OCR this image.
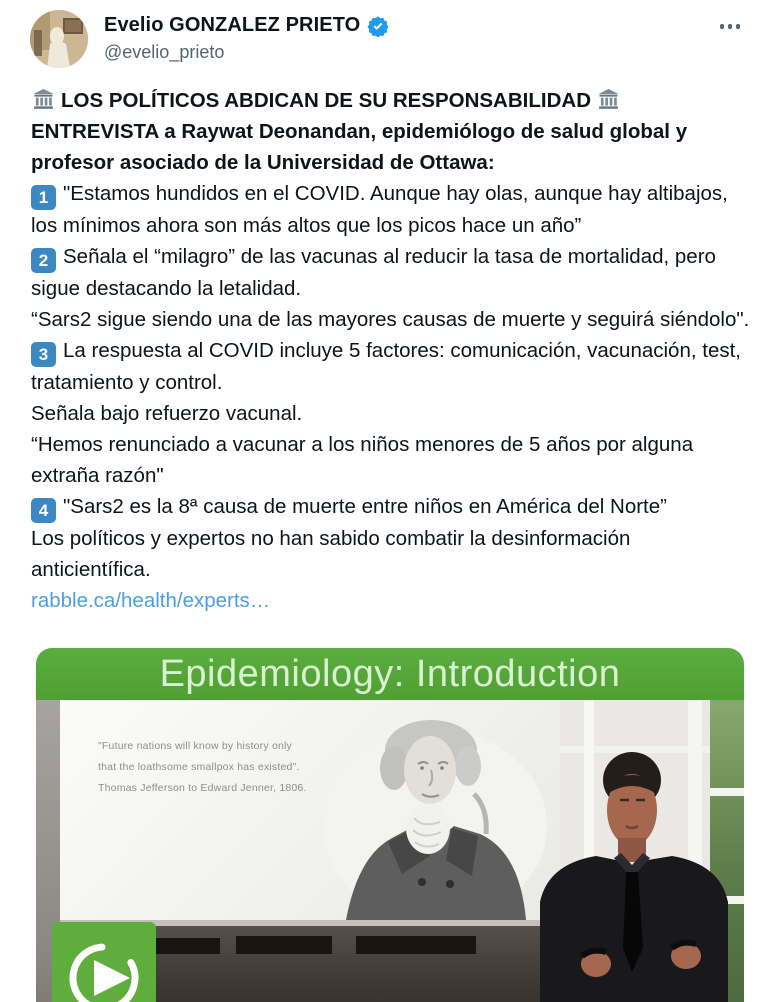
Evelio GONZALEZ PRIETO
@evelio_prieto

LOS POLÍTICOS ABDICAN DE SU RESPONSABILIDAD

ENTREVISTA a Raywat Deonandan, epidemiólogo de salud global y profesor asociado de la Universidad de Ottawa:

1 "Estamos hundidos en el COVID. Aunque hay olas, aunque hay altibajos, los mínimos ahora son más altos que los picos hace un año”

2 Señala el “milagro” de las vacunas al reducir la tasa de mortalidad, pero sigue destacando la letalidad.

“Sars2 sigue siendo una de las mayores causas de muerte y seguirá siéndolo".

3 La respuesta al COVID incluye 5 factores: comunicación, vacunación, test, tratamiento y control.

Señala bajo refuerzo vacunal.

“Hemos renunciado a vacunar a los niños menores de 5 años por alguna extraña razón"

4 "Sars2 es la 8ª causa de muerte entre niños en América del Norte”

Los políticos y expertos no han sabido combatir la desinformación anticientífica.

rabble.ca/health/experts…
Epidemiology: Introduction
"Future nations will know by history only
that the loathsome smallpox has existed".
Thomas Jefferson to Edward Jenner, 1806.
